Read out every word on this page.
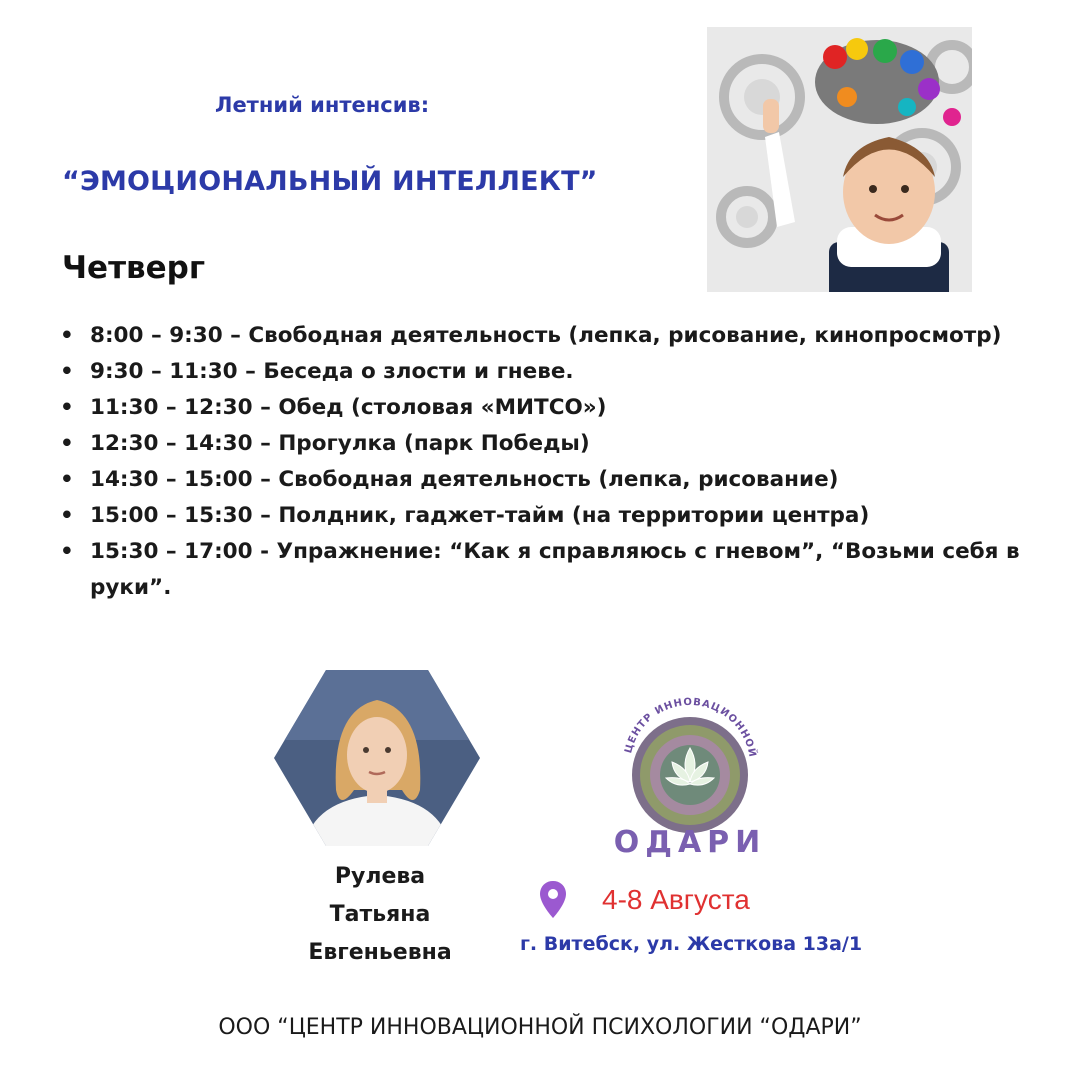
Летний интенсив:
“ЭМОЦИОНАЛЬНЫЙ ИНТЕЛЛЕКТ”
Четверг
• 8:00 – 9:30 – Свободная деятельность (лепка, рисование, кинопросмотр)
• 9:30 – 11:30 – Беседа о злости и гневе.
• 11:30 – 12:30 – Обед (столовая «МИТСО»)
• 12:30 – 14:30 – Прогулка (парк Победы)
• 14:30 – 15:00 – Свободная деятельность (лепка, рисование)
• 15:00 – 15:30 – Полдник, гаджет-тайм (на территории центра)
• 15:30 – 17:00 - Упражнение: “Как я справляюсь с гневом”, “Возьми себя в руки”.
Рулева
Татьяна
Евгеньевна
ЦЕНТР ИННОВАЦИОННОЙ
ОДАРИ
4-8 Августа
г. Витебск, ул. Жесткова 13а/1
ООО “ЦЕНТР ИННОВАЦИОННОЙ ПСИХОЛОГИИ “ОДАРИ”
